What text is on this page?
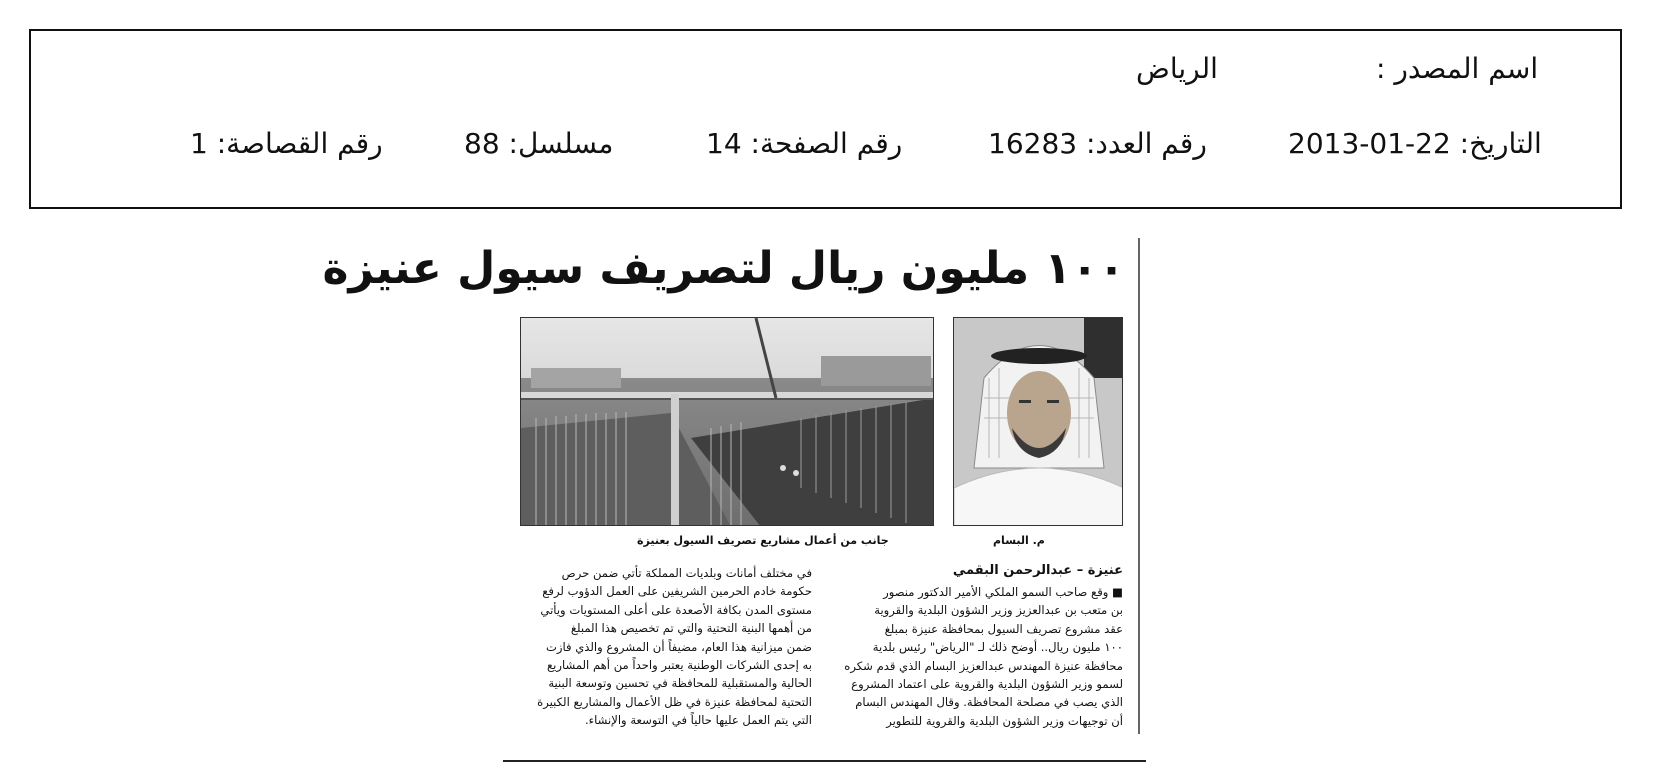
اسم المصدر :
الرياض
التاريخ: 22-01-2013
رقم العدد: 16283
رقم الصفحة: 14
مسلسل: 88
رقم القصاصة: 1
١٠٠ مليون ريال لتصريف سيول عنيزة
جانب من أعمال مشاريع تصريف السيول بعنيزة	م. البسام
عنيزة – عبدالرحمن البقمي
■ وقع صاحب السمو الملكي الأمير الدكتور منصور
بن متعب بن عبدالعزيز وزير الشؤون البلدية والقروية
عقد مشروع تصريف السيول بمحافظة عنيزة بمبلغ
١٠٠ مليون ريال.. أوضح ذلك لـ "الرياض" رئيس بلدية
محافظة عنيزة المهندس عبدالعزيز البسام الذي قدم شكره
لسمو وزير الشؤون البلدية والقروية على اعتماد المشروع
الذي يصب في مصلحة المحافظة. وقال المهندس البسام
أن توجيهات وزير الشؤون البلدية والقروية للتطوير
في مختلف أمانات وبلديات المملكة تأتي ضمن حرص
حكومة خادم الحرمين الشريفين على العمل الدؤوب لرفع
مستوى المدن بكافة الأصعدة على أعلى المستويات ويأتي
من أهمها البنية التحتية والتي تم تخصيص هذا المبلغ
ضمن ميزانية هذا العام، مضيفاً أن المشروع والذي فازت
به إحدى الشركات الوطنية يعتبر واحداً من أهم المشاريع
الحالية والمستقبلية للمحافظة في تحسين وتوسعة البنية
التحتية لمحافظة عنيزة في ظل الأعمال والمشاريع الكبيرة
التي يتم العمل عليها حالياً في التوسعة والإنشاء.
